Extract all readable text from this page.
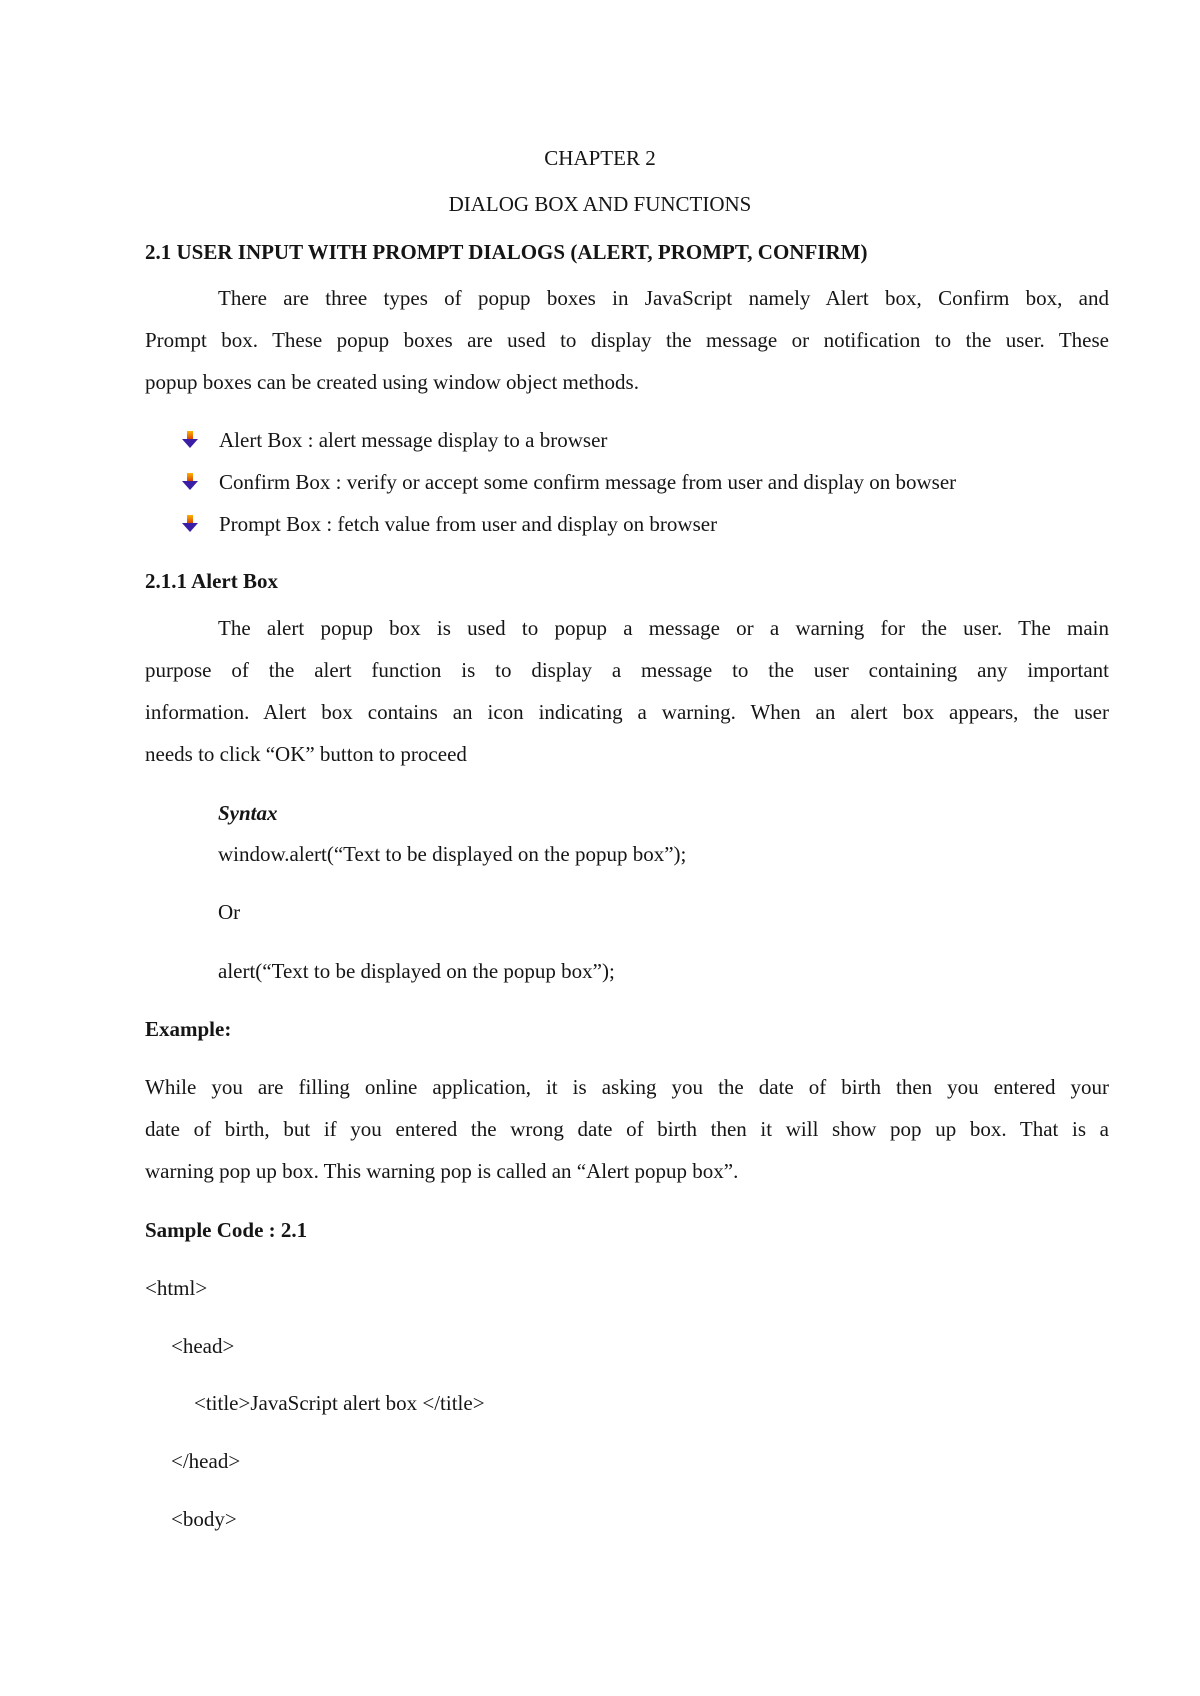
CHAPTER 2
DIALOG BOX AND FUNCTIONS
2.1 USER INPUT WITH PROMPT DIALOGS (ALERT, PROMPT, CONFIRM)
There are three types of popup boxes in JavaScript namely Alert box, Confirm box, and
Prompt box. These popup boxes are used to display the message or notification to the user. These
popup boxes can be created using window object methods.
Alert Box : alert message display to a browser
Confirm Box : verify or accept some confirm message from user and display on bowser
Prompt Box : fetch value from user and display on browser
2.1.1 Alert Box
The alert popup box is used to popup a message or a warning for the user. The main
purpose of the alert function is to display a message to the user containing any important
information. Alert box contains an icon indicating a warning. When an alert box appears, the user
needs to click “OK” button to proceed
Syntax
window.alert(“Text to be displayed on the popup box”);
Or
alert(“Text to be displayed on the popup box”);
Example:
While you are filling online application, it is asking you the date of birth then you entered your
date of birth, but if you entered the wrong date of birth then it will show pop up box. That is a
warning pop up box. This warning pop is called an “Alert popup box”.
Sample Code : 2.1
<html>
<head>
<title>JavaScript alert box </title>
</head>
<body>
